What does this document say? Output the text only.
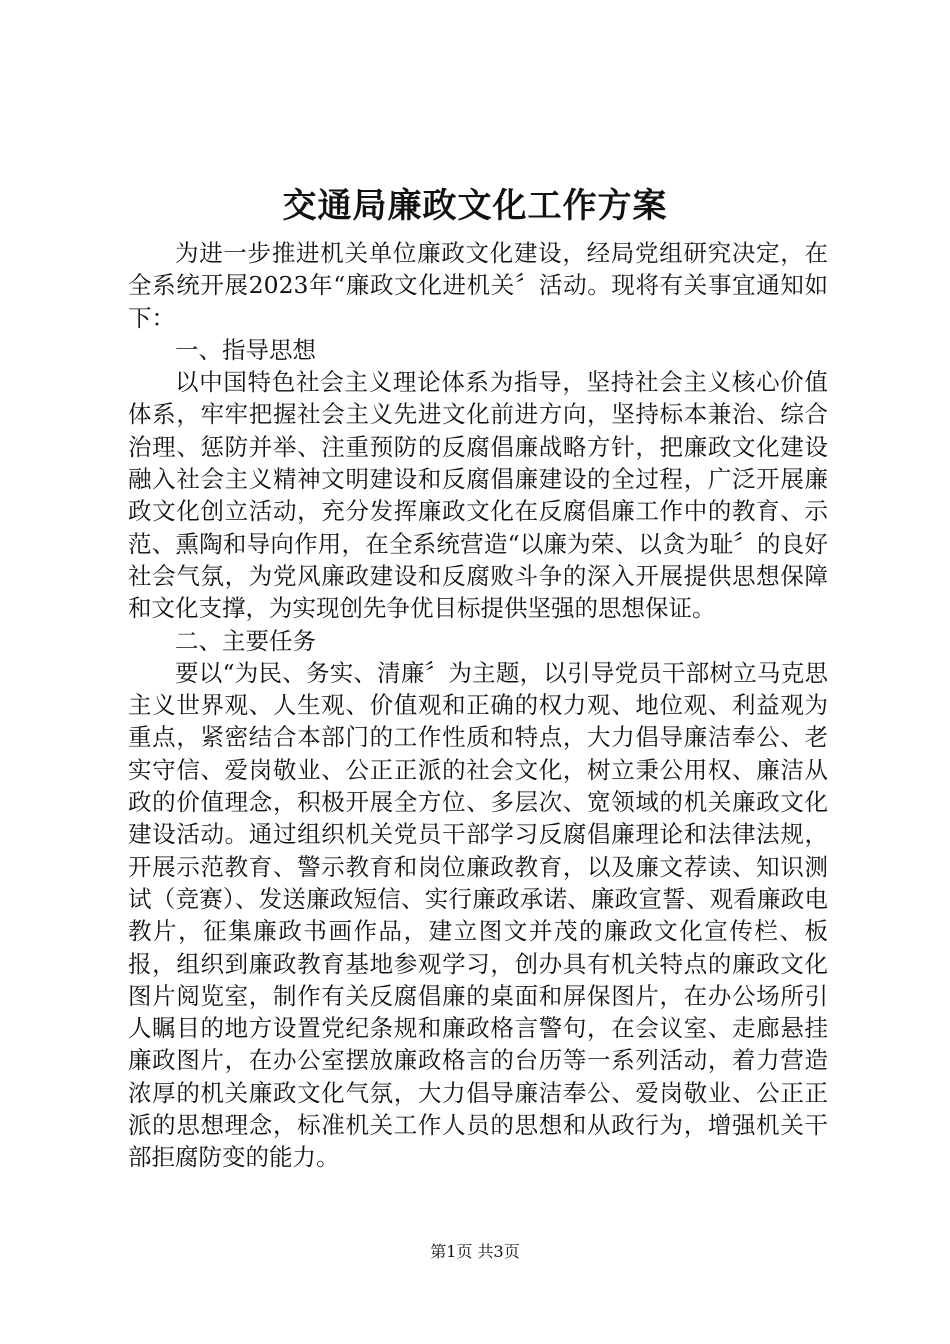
交通局廉政文化工作方案

为进一步推进机关单位廉政文化建设，经局党组研究决定，在全系统开展2023年“廉政文化进机关〞活动。现将有关事宜通知如下：

一、指导思想

以中国特色社会主义理论体系为指导，坚持社会主义核心价值体系，牢牢把握社会主义先进文化前进方向，坚持标本兼治、综合治理、惩防并举、注重预防的反腐倡廉战略方针，把廉政文化建设融入社会主义精神文明建设和反腐倡廉建设的全过程，广泛开展廉政文化创立活动，充分发挥廉政文化在反腐倡廉工作中的教育、示范、熏陶和导向作用，在全系统营造“以廉为荣、以贪为耻〞的良好社会气氛，为党风廉政建设和反腐败斗争的深入开展提供思想保障和文化支撑，为实现创先争优目标提供坚强的思想保证。

二、主要任务

要以“为民、务实、清廉〞为主题，以引导党员干部树立马克思主义世界观、人生观、价值观和正确的权力观、地位观、利益观为重点，紧密结合本部门的工作性质和特点，大力倡导廉洁奉公、老实守信、爱岗敬业、公正正派的社会文化，树立秉公用权、廉洁从政的价值理念，积极开展全方位、多层次、宽领域的机关廉政文化建设活动。通过组织机关党员干部学习反腐倡廉理论和法律法规，开展示范教育、警示教育和岗位廉政教育，以及廉文荐读、知识测试（竞赛）、发送廉政短信、实行廉政承诺、廉政宣誓、观看廉政电教片，征集廉政书画作品，建立图文并茂的廉政文化宣传栏、板报，组织到廉政教育基地参观学习，创办具有机关特点的廉政文化图片阅览室，制作有关反腐倡廉的桌面和屏保图片，在办公场所引人瞩目的地方设置党纪条规和廉政格言警句，在会议室、走廊悬挂廉政图片，在办公室摆放廉政格言的台历等一系列活动，着力营造浓厚的机关廉政文化气氛，大力倡导廉洁奉公、爱岗敬业、公正正派的思想理念，标准机关工作人员的思想和从政行为，增强机关干部拒腐防变的能力。

第1页 共3页
